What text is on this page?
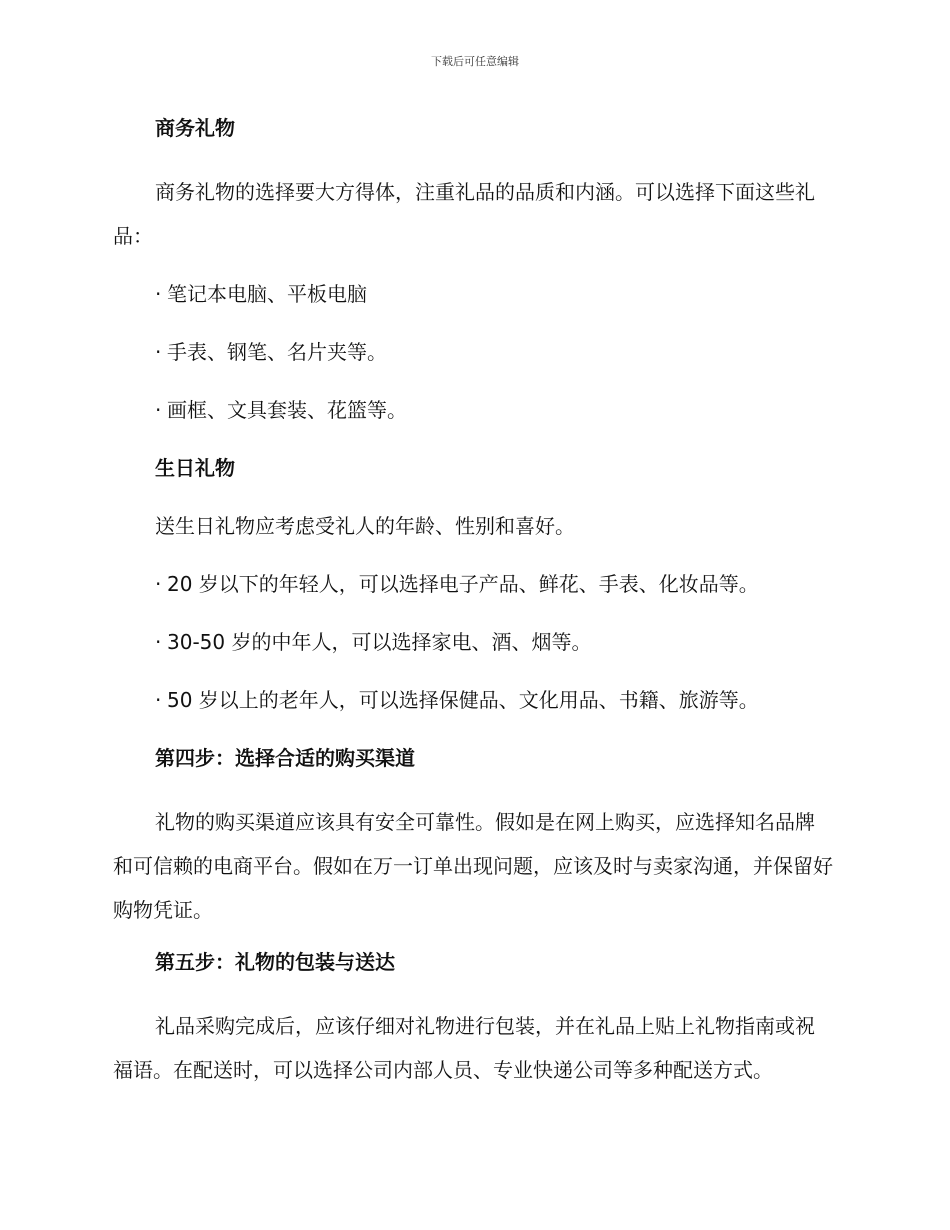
下载后可任意编辑
商务礼物
商务礼物的选择要大方得体，注重礼品的品质和内涵。可以选择下面这些礼品：
· 笔记本电脑、平板电脑
· 手表、钢笔、名片夹等。
· 画框、文具套装、花篮等。
生日礼物
送生日礼物应考虑受礼人的年龄、性别和喜好。
· 20 岁以下的年轻人，可以选择电子产品、鲜花、手表、化妆品等。
· 30-50 岁的中年人，可以选择家电、酒、烟等。
· 50 岁以上的老年人，可以选择保健品、文化用品、书籍、旅游等。
第四步：选择合适的购买渠道
礼物的购买渠道应该具有安全可靠性。假如是在网上购买，应选择知名品牌和可信赖的电商平台。假如在万一订单出现问题，应该及时与卖家沟通，并保留好购物凭证。
第五步：礼物的包装与送达
礼品采购完成后，应该仔细对礼物进行包装，并在礼品上贴上礼物指南或祝福语。在配送时，可以选择公司内部人员、专业快递公司等多种配送方式。
